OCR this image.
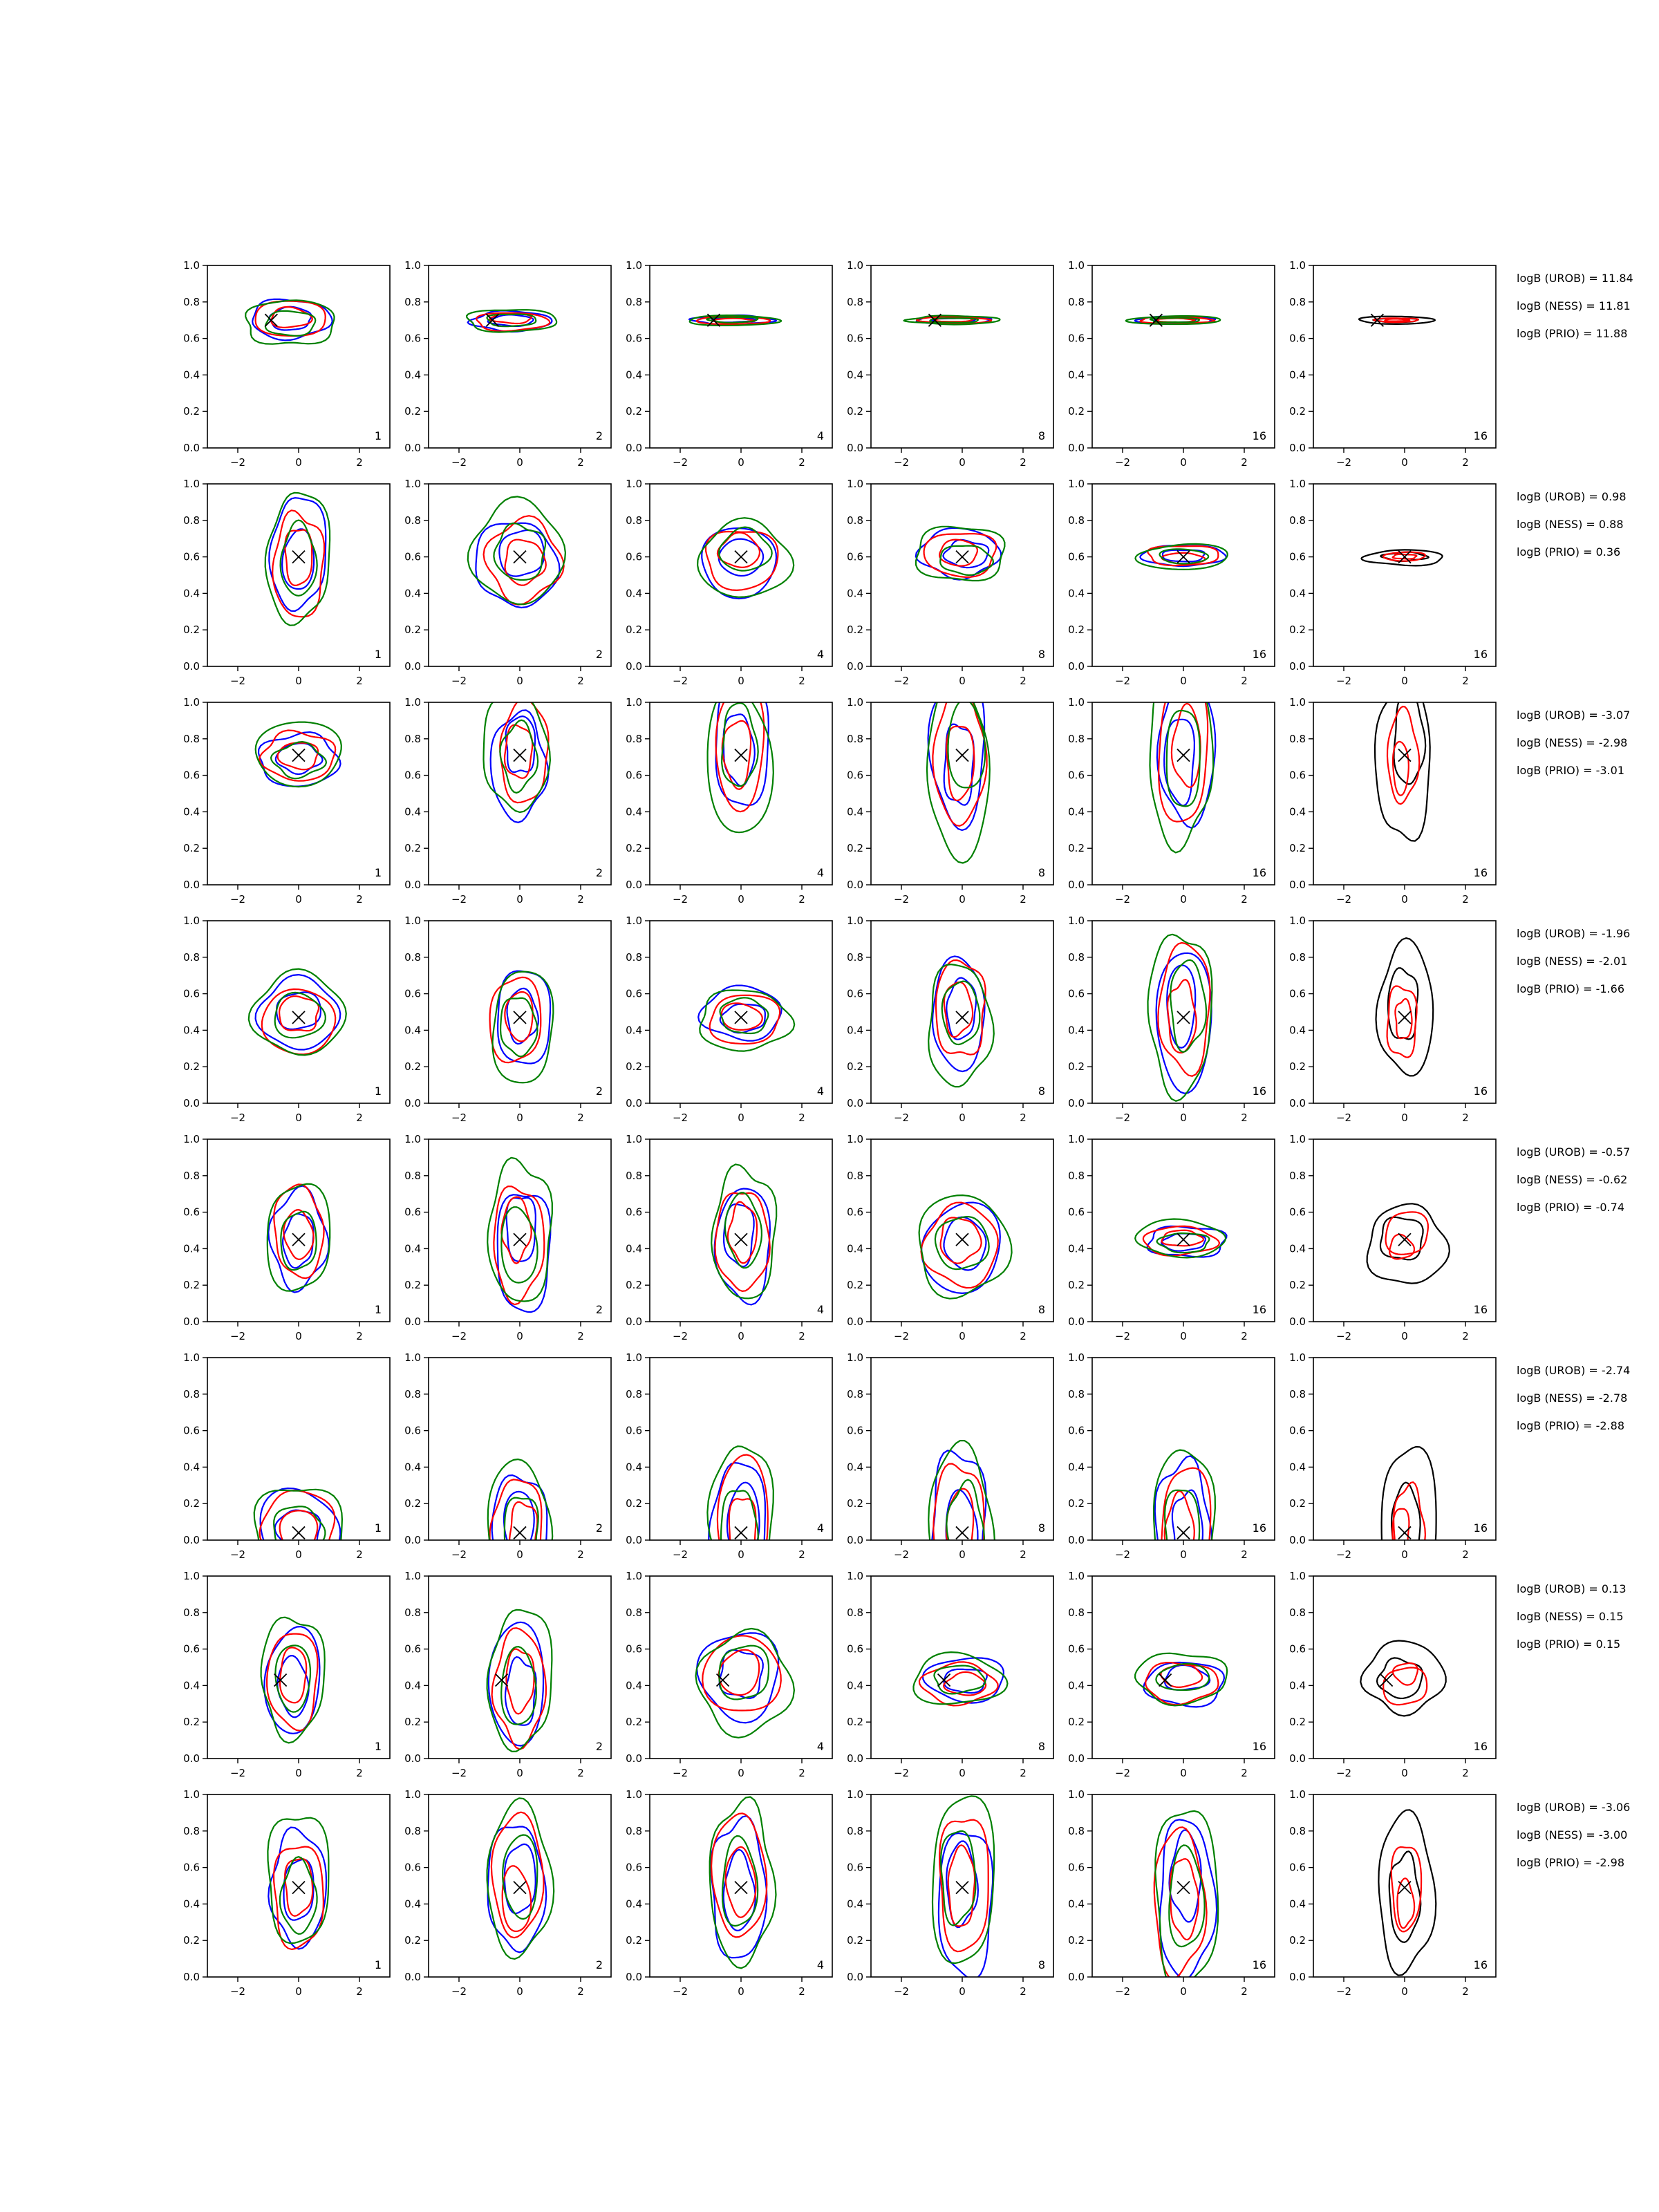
−2	0	2
0.0
0.2
0.4
0.6
0.8
1.0
1
−2	0	2
0.0
0.2
0.4
0.6
0.8
1.0
2
−2	0	2
0.0
0.2
0.4
0.6
0.8
1.0
4
−2	0	2
0.0
0.2
0.4
0.6
0.8
1.0
8
−2	0	2
0.0
0.2
0.4
0.6
0.8
1.0
16
−2	0	2
0.0
0.2
0.4
0.6
0.8
1.0
16
−2	0	2
0.0
0.2
0.4
0.6
0.8
1.0
1
−2	0	2
0.0
0.2
0.4
0.6
0.8
1.0
2
−2	0	2
0.0
0.2
0.4
0.6
0.8
1.0
4
−2	0	2
0.0
0.2
0.4
0.6
0.8
1.0
8
−2	0	2
0.0
0.2
0.4
0.6
0.8
1.0
16
−2	0	2
0.0
0.2
0.4
0.6
0.8
1.0
16
−2	0	2
0.0
0.2
0.4
0.6
0.8
1.0
1
−2	0	2
0.0
0.2
0.4
0.6
0.8
1.0
2
−2	0	2
0.0
0.2
0.4
0.6
0.8
1.0
4
−2	0	2
0.0
0.2
0.4
0.6
0.8
1.0
8
−2	0	2
0.0
0.2
0.4
0.6
0.8
1.0
16
−2	0	2
0.0
0.2
0.4
0.6
0.8
1.0
16
−2	0	2
0.0
0.2
0.4
0.6
0.8
1.0
1
−2	0	2
0.0
0.2
0.4
0.6
0.8
1.0
2
−2	0	2
0.0
0.2
0.4
0.6
0.8
1.0
4
−2	0	2
0.0
0.2
0.4
0.6
0.8
1.0
8
−2	0	2
0.0
0.2
0.4
0.6
0.8
1.0
16
−2	0	2
0.0
0.2
0.4
0.6
0.8
1.0
16
−2	0	2
0.0
0.2
0.4
0.6
0.8
1.0
1
−2	0	2
0.0
0.2
0.4
0.6
0.8
1.0
2
−2	0	2
0.0
0.2
0.4
0.6
0.8
1.0
4
−2	0	2
0.0
0.2
0.4
0.6
0.8
1.0
8
−2	0	2
0.0
0.2
0.4
0.6
0.8
1.0
16
−2	0	2
0.0
0.2
0.4
0.6
0.8
1.0
16
−2	0	2
0.0
0.2
0.4
0.6
0.8
1.0
1
−2	0	2
0.0
0.2
0.4
0.6
0.8
1.0
2
−2	0	2
0.0
0.2
0.4
0.6
0.8
1.0
4
−2	0	2
0.0
0.2
0.4
0.6
0.8
1.0
8
−2	0	2
0.0
0.2
0.4
0.6
0.8
1.0
16
−2	0	2
0.0
0.2
0.4
0.6
0.8
1.0
16
−2	0	2
0.0
0.2
0.4
0.6
0.8
1.0
1
−2	0	2
0.0
0.2
0.4
0.6
0.8
1.0
2
−2	0	2
0.0
0.2
0.4
0.6
0.8
1.0
4
−2	0	2
0.0
0.2
0.4
0.6
0.8
1.0
8
−2	0	2
0.0
0.2
0.4
0.6
0.8
1.0
16
−2	0	2
0.0
0.2
0.4
0.6
0.8
1.0
16
−2	0	2
0.0
0.2
0.4
0.6
0.8
1.0
1
−2	0	2
0.0
0.2
0.4
0.6
0.8
1.0
2
−2	0	2
0.0
0.2
0.4
0.6
0.8
1.0
4
−2	0	2
0.0
0.2
0.4
0.6
0.8
1.0
8
−2	0	2
0.0
0.2
0.4
0.6
0.8
1.0
16
−2	0	2
0.0
0.2
0.4
0.6
0.8
1.0
16
logB (UROB) = 11.84
logB (NESS) = 11.81
logB (PRIO) = 11.88
logB (UROB) = 0.98
logB (NESS) = 0.88
logB (PRIO) = 0.36
logB (UROB) = -3.07
logB (NESS) = -2.98
logB (PRIO) = -3.01
logB (UROB) = -1.96
logB (NESS) = -2.01
logB (PRIO) = -1.66
logB (UROB) = -0.57
logB (NESS) = -0.62
logB (PRIO) = -0.74
logB (UROB) = -2.74
logB (NESS) = -2.78
logB (PRIO) = -2.88
logB (UROB) = 0.13
logB (NESS) = 0.15
logB (PRIO) = 0.15
logB (UROB) = -3.06
logB (NESS) = -3.00
logB (PRIO) = -2.98
